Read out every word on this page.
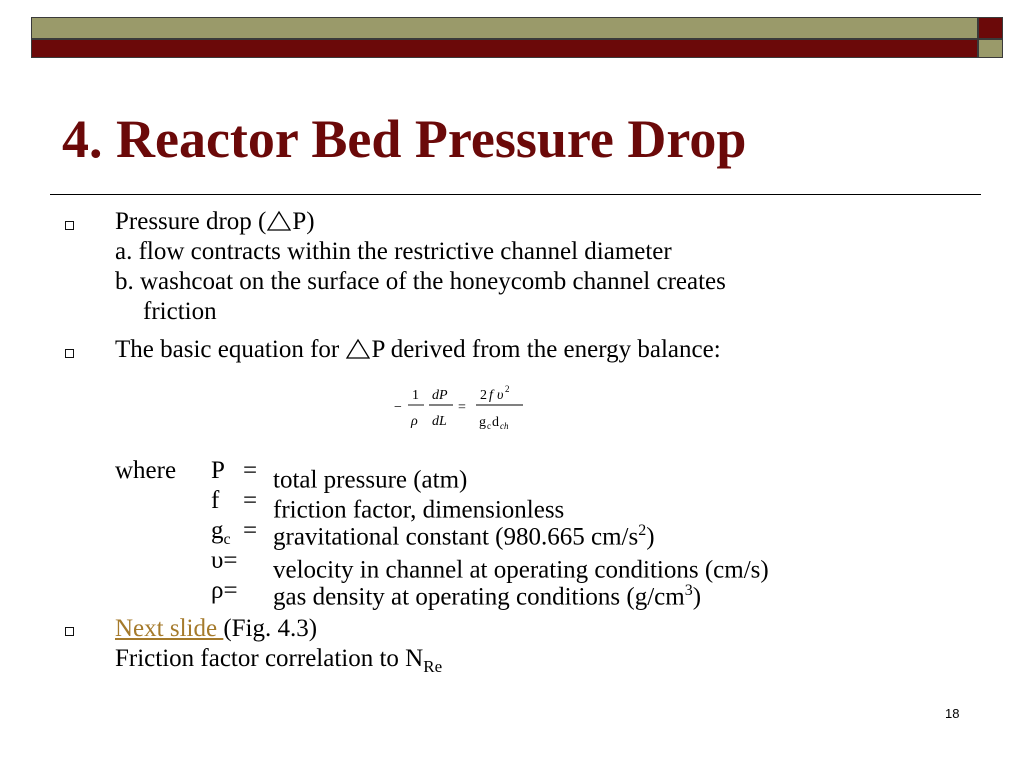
4. Reactor Bed Pressure Drop
Pressure drop ( P)
a. flow contracts within the restrictive channel diameter
b. washcoat on the surface of the honeycomb channel creates
friction
The basic equation for P derived from the energy balance:
−
1
ρ
dP
dL
=
2 f υ 2
g c d ch
where P = total pressure (atm)
f = friction factor, dimensionless
$g_c$ = gravitational constant (980.665 $cm/s^2$)
υ= velocity in channel at operating conditions (cm/s)
ρ= gas density at operating conditions $(g/cm^3)$
Next slide (Fig. 4.3)
Friction factor correlation to $N_{Re}$
18
